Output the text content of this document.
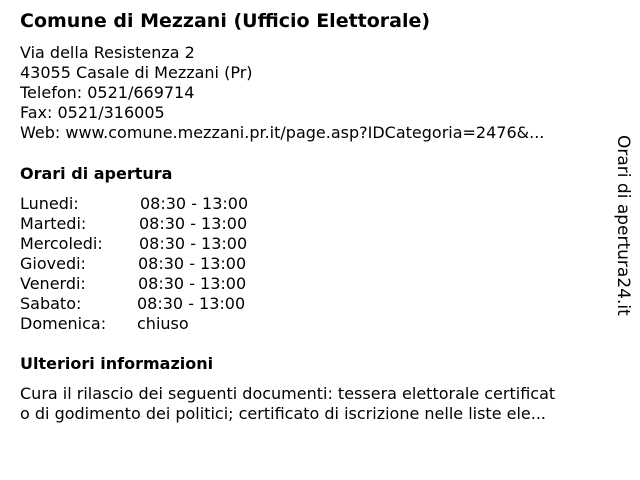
Comune di Mezzani (Ufficio Elettorale)
Via della Resistenza 2
43055 Casale di Mezzani (Pr)
Telefon: 0521/669714
Fax: 0521/316005
Web: www.comune.mezzani.pr.it/page.asp?IDCategoria=2476&...
Orari di apertura
Lunedi:	08:30 - 13:00
Martedi:	08:30 - 13:00
Mercoledi: 08:30 - 13:00
Giovedi:	08:30 - 13:00
Venerdi:	08:30 - 13:00
Sabato:	08:30 - 13:00
Domenica: chiuso
Ulteriori informazioni
Cura il rilascio dei seguenti documenti: tessera elettorale certificat
o di godimento dei politici; certificato di iscrizione nelle liste ele...
Orari di apertura24.it
